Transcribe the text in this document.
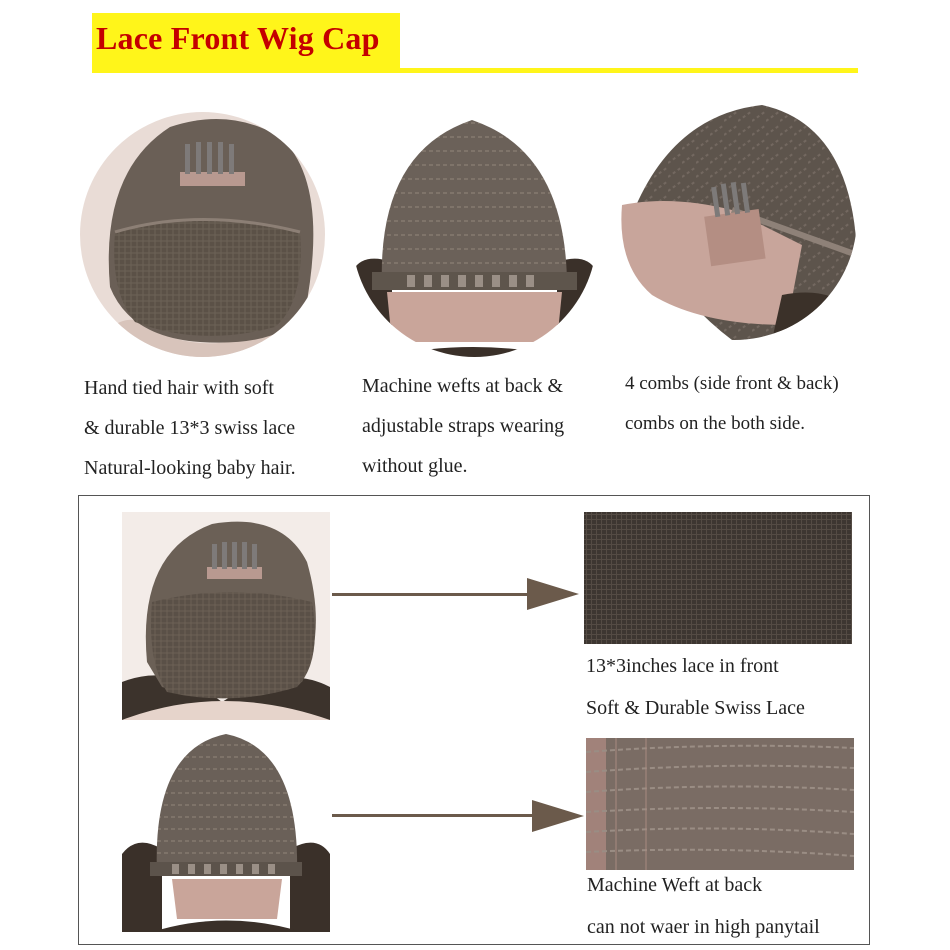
Lace Front Wig Cap
Hand tied hair with soft
& durable 13*3 swiss lace
Natural-looking baby hair.
Machine wefts at back &
adjustable straps wearing
without glue.
4 combs (side front & back)
combs on the both side.
13*3inches lace in front
Soft & Durable Swiss Lace
Machine Weft at back
can not waer in high panytail
